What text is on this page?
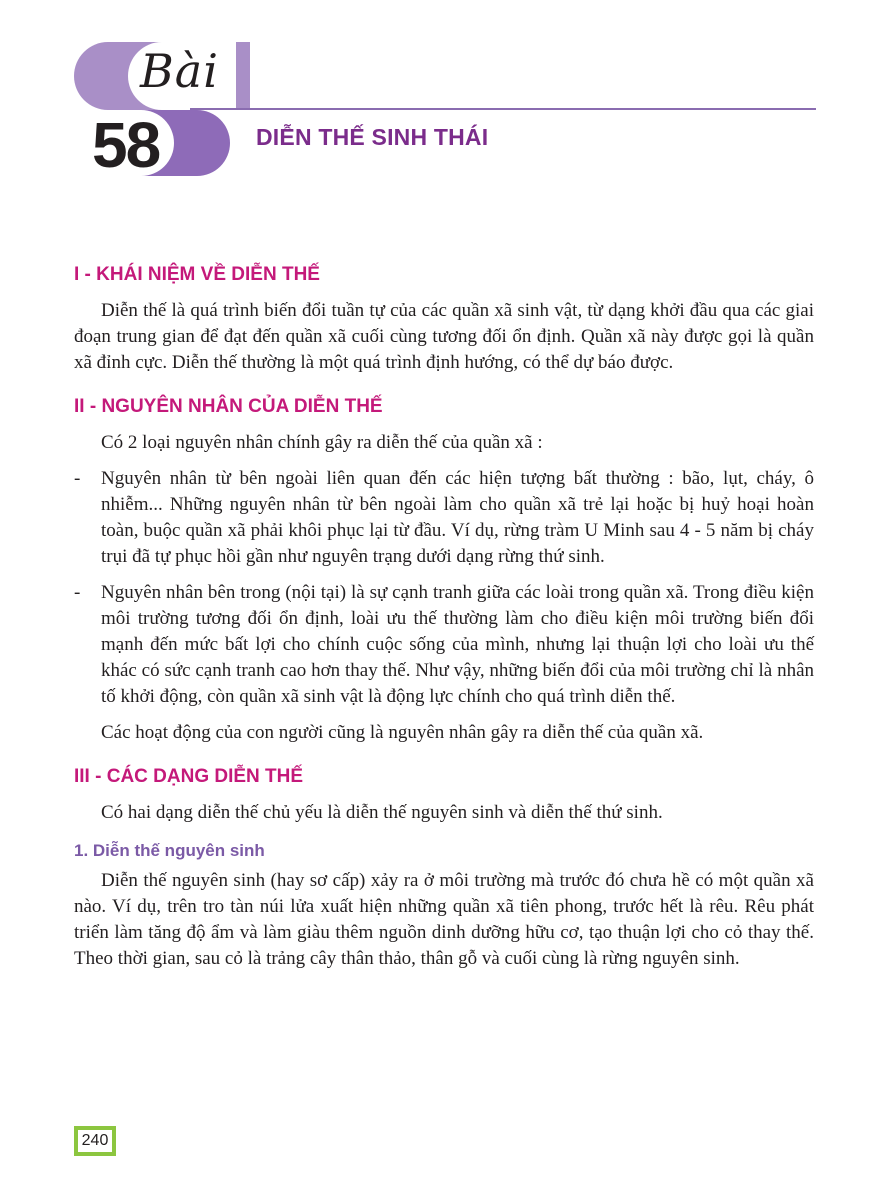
Bài
58	DIỄN THẾ SINH THÁI
I - KHÁI NIỆM VỀ DIỄN THẾ

Diễn thế là quá trình biến đổi tuần tự của các quần xã sinh vật, từ dạng khởi đầu qua các giai đoạn trung gian để đạt đến quần xã cuối cùng tương đối ổn định. Quần xã này được gọi là quần xã đỉnh cực. Diễn thế thường là một quá trình định hướng, có thể dự báo được.

II - NGUYÊN NHÂN CỦA DIỄN THẾ

Có 2 loại nguyên nhân chính gây ra diễn thế của quần xã :

- Nguyên nhân từ bên ngoài liên quan đến các hiện tượng bất thường : bão, lụt, cháy, ô nhiễm... Những nguyên nhân từ bên ngoài làm cho quần xã trẻ lại hoặc bị huỷ hoại hoàn toàn, buộc quần xã phải khôi phục lại từ đầu. Ví dụ, rừng tràm U Minh sau 4 - 5 năm bị cháy trụi đã tự phục hồi gần như nguyên trạng dưới dạng rừng thứ sinh.
- Nguyên nhân bên trong (nội tại) là sự cạnh tranh giữa các loài trong quần xã. Trong điều kiện môi trường tương đối ổn định, loài ưu thế thường làm cho điều kiện môi trường biến đổi mạnh đến mức bất lợi cho chính cuộc sống của mình, nhưng lại thuận lợi cho loài ưu thế khác có sức cạnh tranh cao hơn thay thế. Như vậy, những biến đổi của môi trường chỉ là nhân tố khởi động, còn quần xã sinh vật là động lực chính cho quá trình diễn thế.

Các hoạt động của con người cũng là nguyên nhân gây ra diễn thế của quần xã.

III - CÁC DẠNG DIỄN THẾ

Có hai dạng diễn thế chủ yếu là diễn thế nguyên sinh và diễn thế thứ sinh.

1. Diễn thế nguyên sinh

Diễn thế nguyên sinh (hay sơ cấp) xảy ra ở môi trường mà trước đó chưa hề có một quần xã nào. Ví dụ, trên tro tàn núi lửa xuất hiện những quần xã tiên phong, trước hết là rêu. Rêu phát triển làm tăng độ ẩm và làm giàu thêm nguồn dinh dưỡng hữu cơ, tạo thuận lợi cho cỏ thay thế. Theo thời gian, sau cỏ là trảng cây thân thảo, thân gỗ và cuối cùng là rừng nguyên sinh.

240
